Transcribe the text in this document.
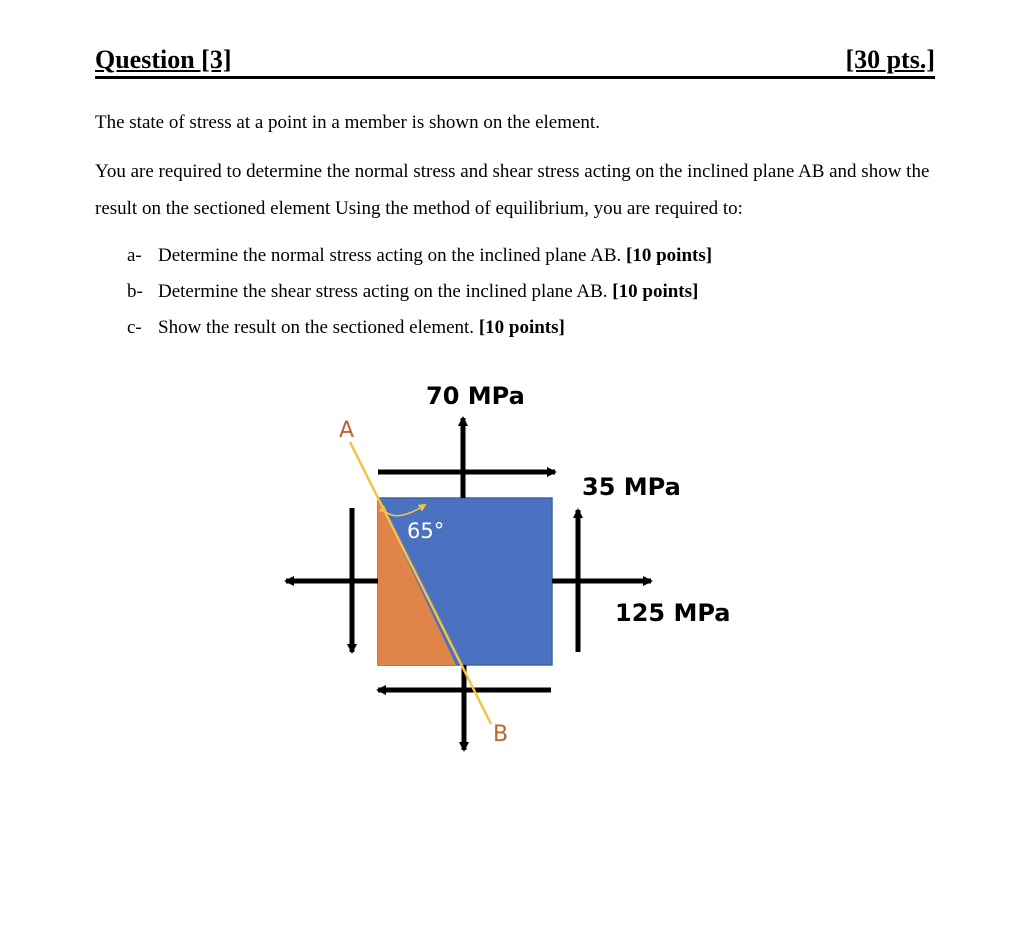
Question [3]	[30 pts.]
The state of stress at a point in a member is shown on the element.
You are required to determine the normal stress and shear stress acting on the inclined plane AB and show the result on the sectioned element Using the method of equilibrium, you are required to:
a- Determine the normal stress acting on the inclined plane AB. [10 points]
b- Determine the shear stress acting on the inclined plane AB. [10 points]
c- Show the result on the sectioned element. [10 points]
70 MPa
35 MPa
125 MPa
A
B
65°
